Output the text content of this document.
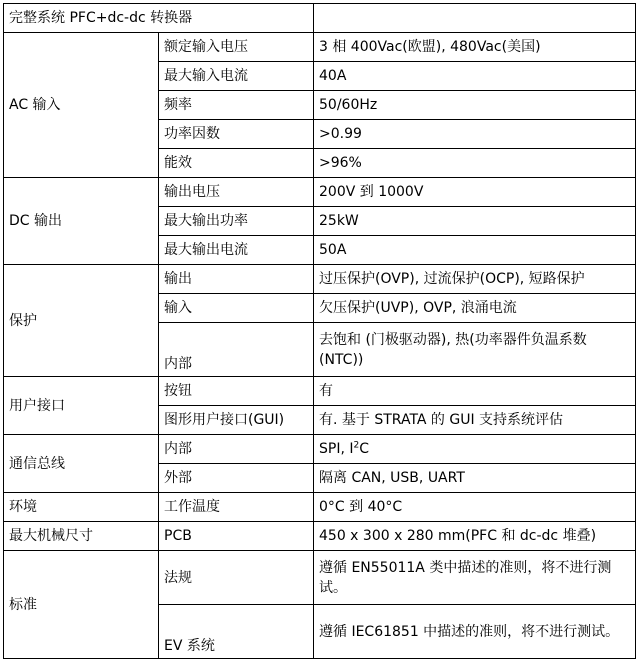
完整系统 PFC+dc-dc 转换器		
AC 输入	额定输入电压	3 相 400Vac(欧盟), 480Vac(美国)
	最大输入电流	40A
	频率	50/60Hz
	功率因数	>0.99
	能效	>96%
DC 输出	输出电压	200V 到 1000V
	最大输出功率	25kW
	最大输出电流	50A
保护	输出	过压保护(OVP), 过流保护(OCP), 短路保护
	输入	欠压保护(UVP), OVP, 浪涌电流
	内部	去饱和 (门极驱动器), 热(功率器件负温系数(NTC))
用户接口	按钮	有
	图形用户接口(GUI)	有. 基于 STRATA 的 GUI 支持系统评估
通信总线	内部	SPI, $I^2C$
	外部	隔离 CAN, USB, UART
环境	工作温度	0°C 到 40°C
最大机械尺寸	PCB	450 x 300 x 280 mm(PFC 和 dc-dc 堆叠)
标准	法规	遵循 EN55011A 类中描述的准则，将不进行测试。
	EV 系统	遵循 IEC61851 中描述的准则，将不进行测试。
